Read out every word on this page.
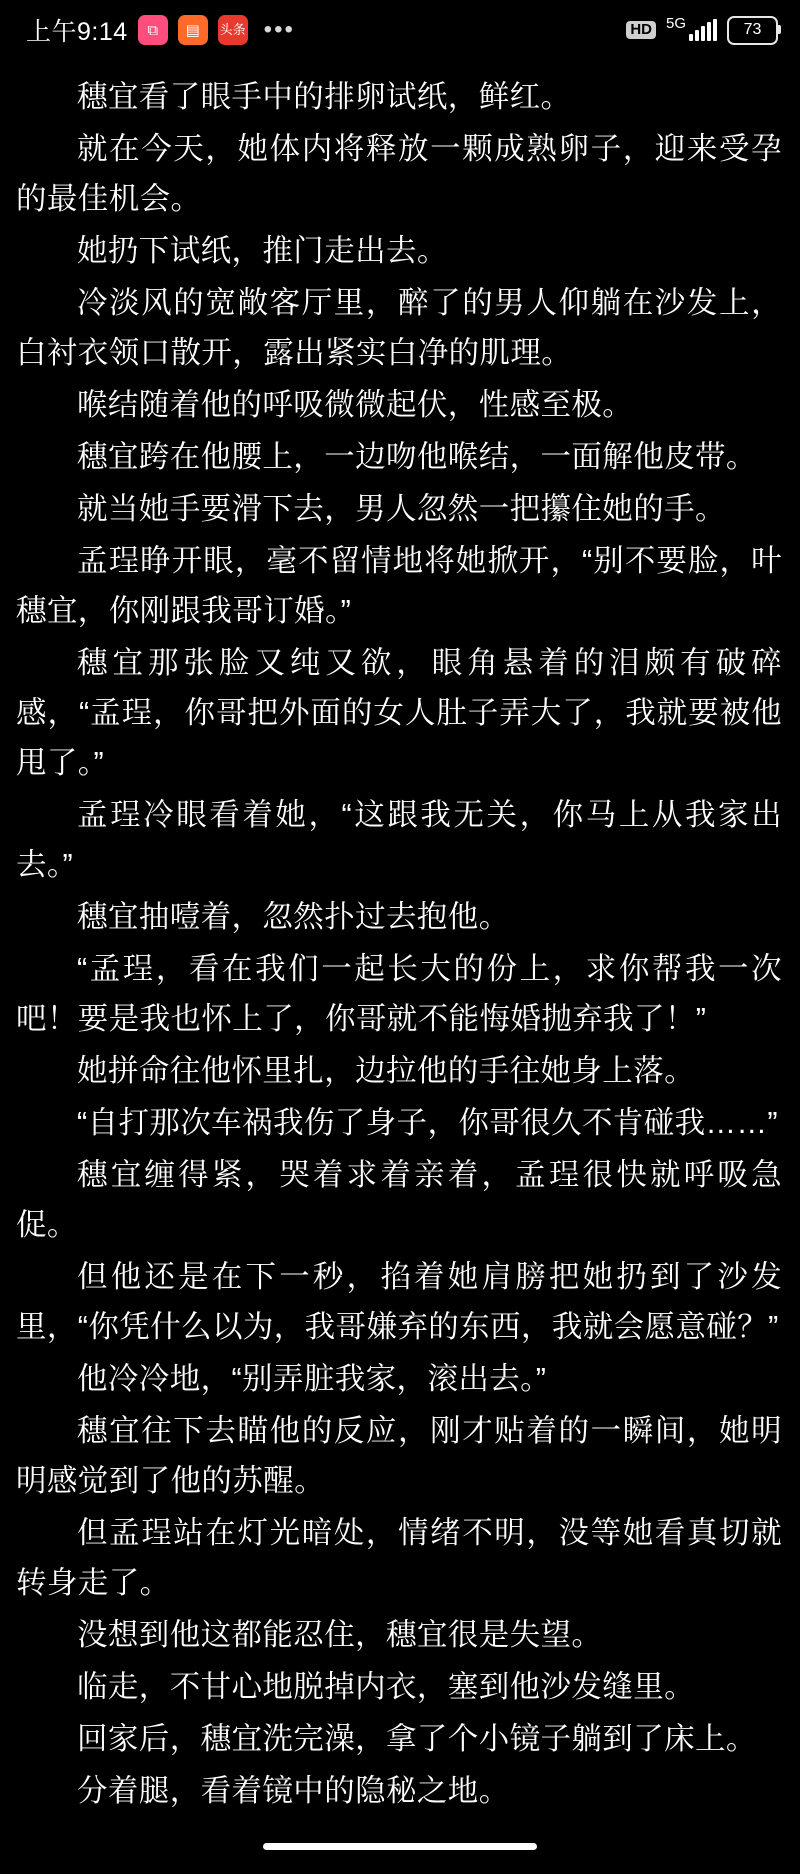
上午9:14	⧉	▤	头条 •••	HD 5G	73

穗宜看了眼手中的排卵试纸，鲜红。

就在今天，她体内将释放一颗成熟卵子，迎来受孕的最佳机会。

她扔下试纸，推门走出去。

冷淡风的宽敞客厅里，醉了的男人仰躺在沙发上，白衬衣领口散开，露出紧实白净的肌理。

喉结随着他的呼吸微微起伏，性感至极。

穗宜跨在他腰上，一边吻他喉结，一面解他皮带。

就当她手要滑下去，男人忽然一把攥住她的手。

孟珵睁开眼，毫不留情地将她掀开，“别不要脸，叶穗宜，你刚跟我哥订婚。”

穗宜那张脸又纯又欲，眼角悬着的泪颇有破碎感，“孟珵，你哥把外面的女人肚子弄大了，我就要被他甩了。”

孟珵冷眼看着她，“这跟我无关，你马上从我家出去。”

穗宜抽噎着，忽然扑过去抱他。

“孟珵，看在我们一起长大的份上，求你帮我一次吧！要是我也怀上了，你哥就不能悔婚抛弃我了！”

她拼命往他怀里扎，边拉他的手往她身上落。

“自打那次车祸我伤了身子，你哥很久不肯碰我……”

穗宜缠得紧，哭着求着亲着，孟珵很快就呼吸急促。

但他还是在下一秒，掐着她肩膀把她扔到了沙发里，“你凭什么以为，我哥嫌弃的东西，我就会愿意碰？”

他冷冷地，“别弄脏我家，滚出去。”

穗宜往下去瞄他的反应，刚才贴着的一瞬间，她明明感觉到了他的苏醒。

但孟珵站在灯光暗处，情绪不明，没等她看真切就转身走了。

没想到他这都能忍住，穗宜很是失望。

临走，不甘心地脱掉内衣，塞到他沙发缝里。

回家后，穗宜洗完澡，拿了个小镜子躺到了床上。

分着腿，看着镜中的隐秘之地。
